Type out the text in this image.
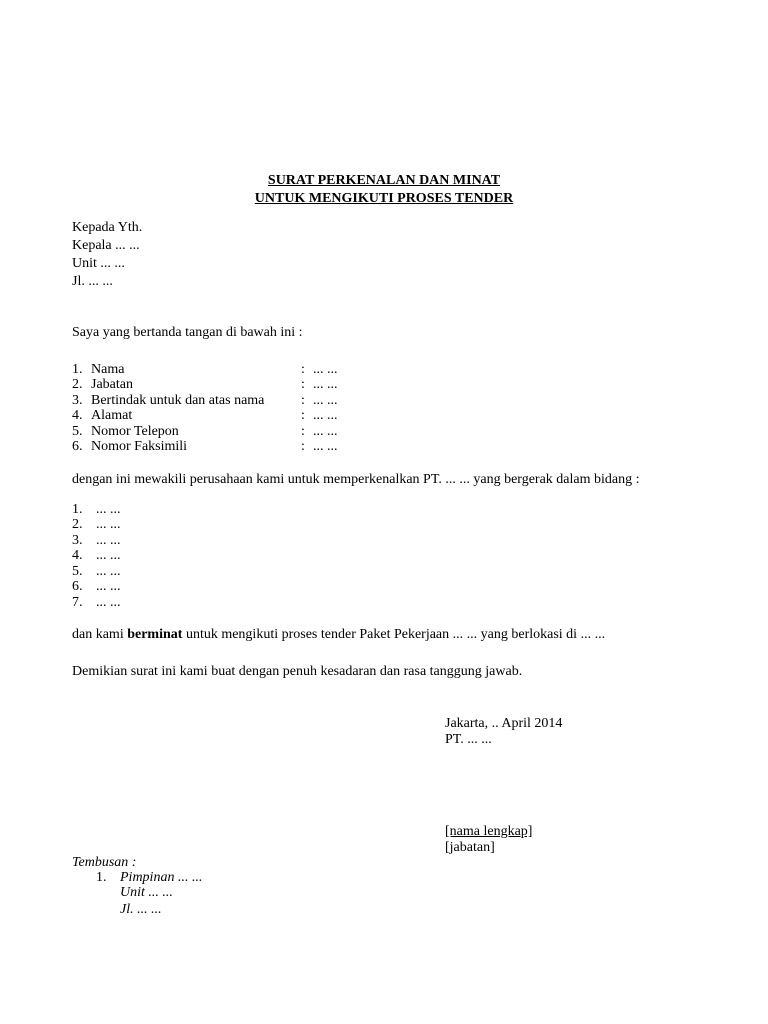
SURAT PERKENALAN DAN MINAT
UNTUK MENGIKUTI PROSES TENDER
Kepada Yth.
Kepala ... ...
Unit ... ...
Jl. ... ...
Saya yang bertanda tangan di bawah ini :
1. Nama	: ... ...
2. Jabatan	: ... ...
3. Bertindak untuk dan atas nama	: ... ...
4. Alamat	: ... ...
5. Nomor Telepon	: ... ...
6. Nomor Faksimili	: ... ...
dengan ini mewakili perusahaan kami untuk memperkenalkan PT. ... ... yang bergerak dalam bidang :
1. ... ...
2. ... ...
3. ... ...
4. ... ...
5. ... ...
6. ... ...
7. ... ...
dan kami berminat untuk mengikuti proses tender Paket Pekerjaan ... ... yang berlokasi di ... ...
Demikian surat ini kami buat dengan penuh kesadaran dan rasa tanggung jawab.
Jakarta, .. April 2014
PT. ... ...
[nama lengkap]
[jabatan]
Tembusan :
1. Pimpinan ... ...
Unit ... ...
Jl. ... ...
